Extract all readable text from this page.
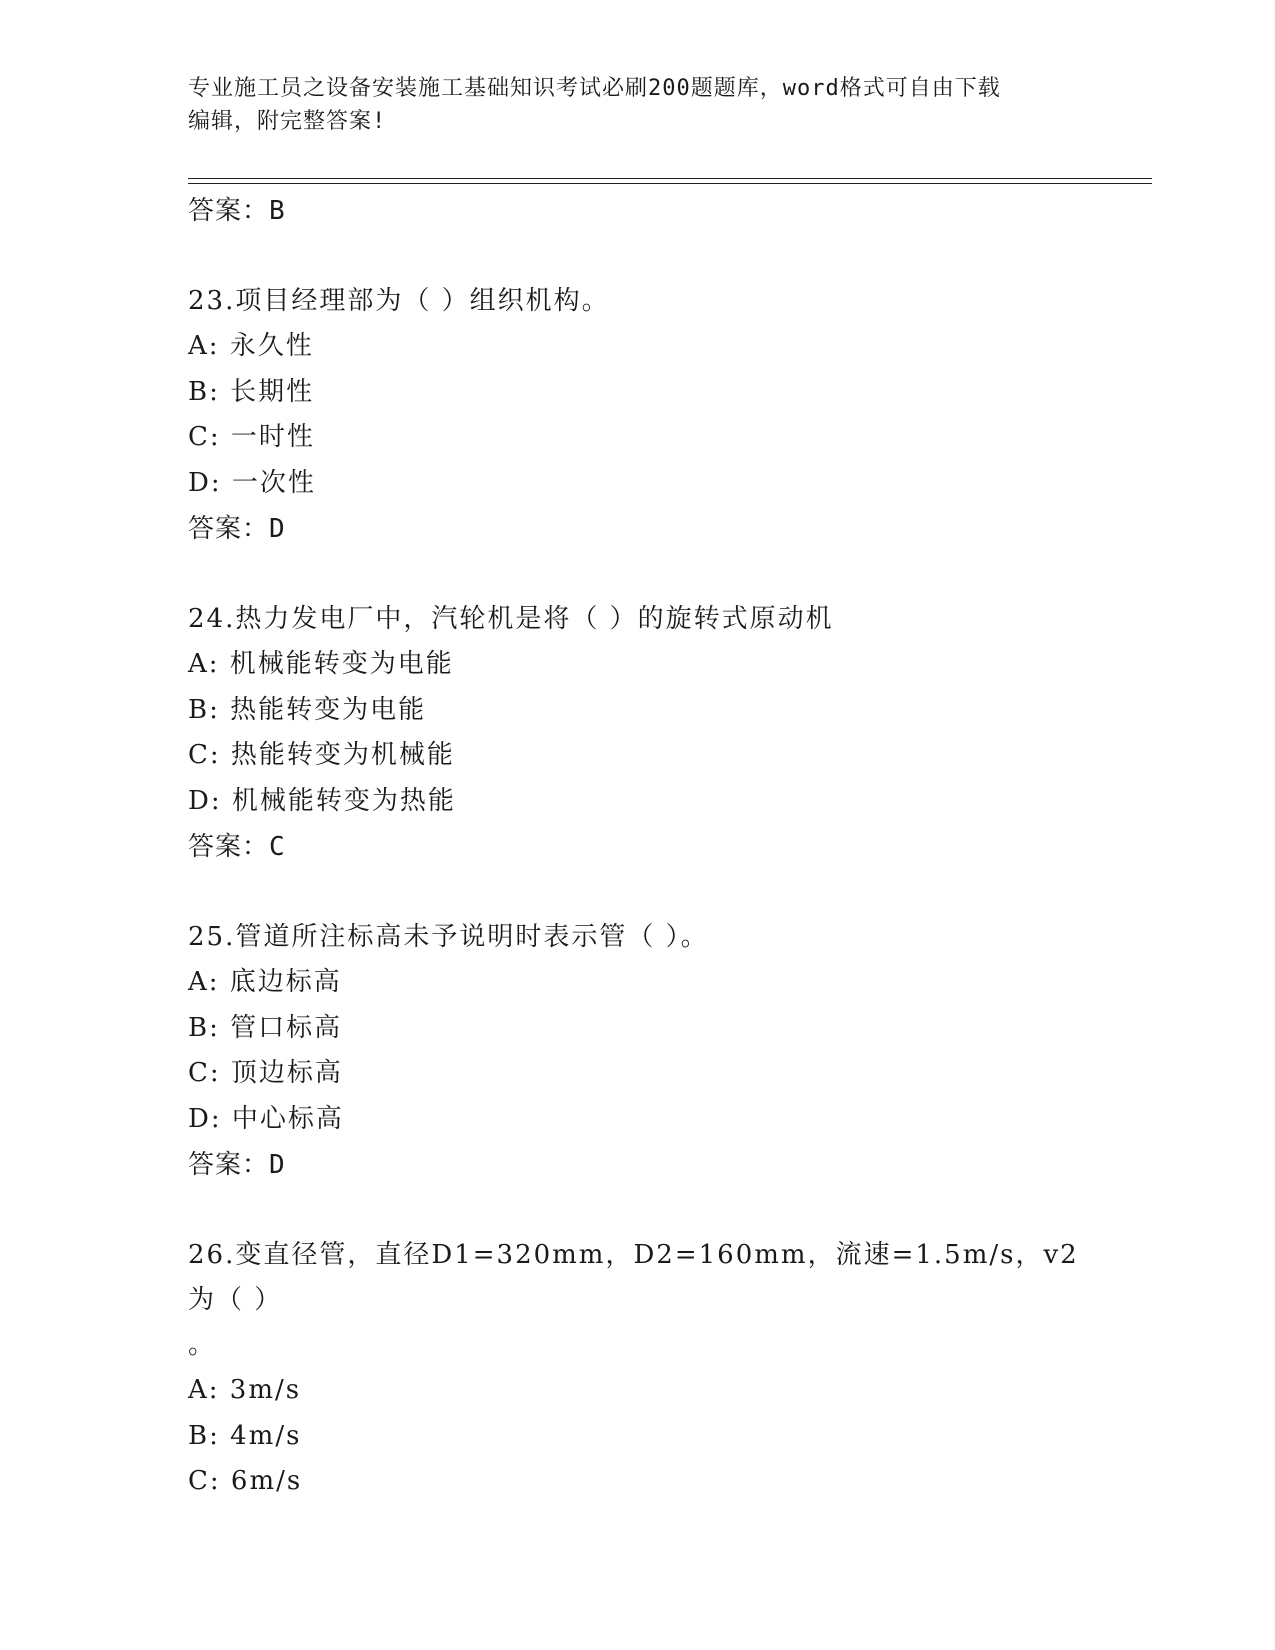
专业施工员之设备安装施工基础知识考试必刷200题题库，word格式可自由下载
编辑，附完整答案!
答案：B
23.项目经理部为（ ）组织机构。
A: 永久性
B: 长期性
C: 一时性
D: 一次性
答案：D
24.热力发电厂中，汽轮机是将（ ）的旋转式原动机
A: 机械能转变为电能
B: 热能转变为电能
C: 热能转变为机械能
D: 机械能转变为热能
答案：C
25.管道所注标高未予说明时表示管（ ）。
A: 底边标高
B: 管口标高
C: 顶边标高
D: 中心标高
答案：D
26.变直径管，直径D1=320mm，D2=160mm，流速=1.5m/s，v2为（ ）
。
A: 3m/s
B: 4m/s
C: 6m/s
